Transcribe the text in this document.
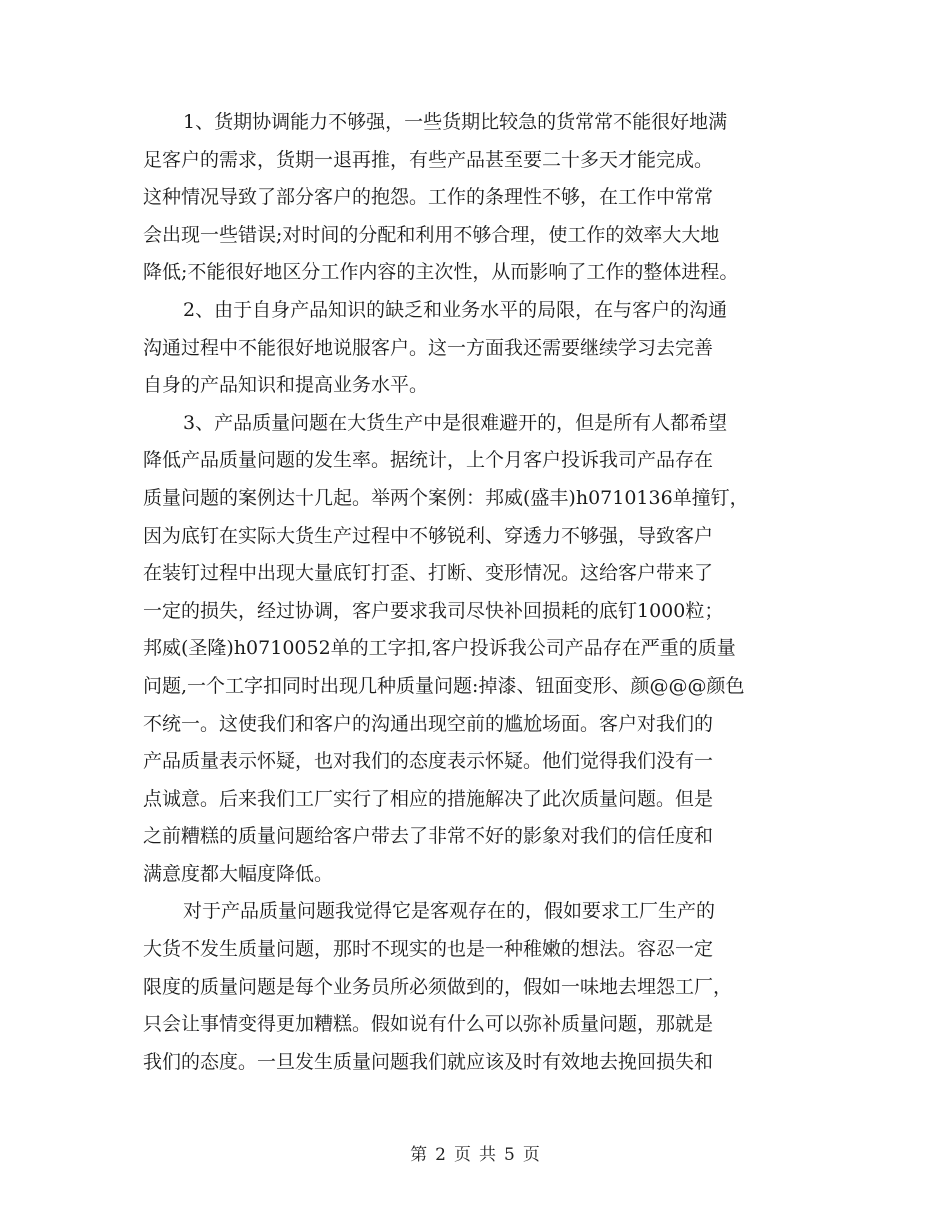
1、货期协调能力不够强，一些货期比较急的货常常不能很好地满
足客户的需求，货期一退再推，有些产品甚至要二十多天才能完成。
这种情况导致了部分客户的抱怨。工作的条理性不够，在工作中常常
会出现一些错误;对时间的分配和利用不够合理，使工作的效率大大地
降低;不能很好地区分工作内容的主次性，从而影响了工作的整体进程。
2、由于自身产品知识的缺乏和业务水平的局限，在与客户的沟通
沟通过程中不能很好地说服客户。这一方面我还需要继续学习去完善
自身的产品知识和提高业务水平。
3、产品质量问题在大货生产中是很难避开的，但是所有人都希望
降低产品质量问题的发生率。据统计，上个月客户投诉我司产品存在
质量问题的案例达十几起。举两个案例：邦威(盛丰)h0710136单撞钉，
因为底钉在实际大货生产过程中不够锐利、穿透力不够强，导致客户
在装钉过程中出现大量底钉打歪、打断、变形情况。这给客户带来了
一定的损失，经过协调，客户要求我司尽快补回损耗的底钉1000粒；
邦威(圣隆)h0710052单的工字扣,客户投诉我公司产品存在严重的质量
问题,一个工字扣同时出现几种质量问题:掉漆、钮面变形、颜@@@颜色
不统一。这使我们和客户的沟通出现空前的尴尬场面。客户对我们的
产品质量表示怀疑，也对我们的态度表示怀疑。他们觉得我们没有一
点诚意。后来我们工厂实行了相应的措施解决了此次质量问题。但是
之前糟糕的质量问题给客户带去了非常不好的影象对我们的信任度和
满意度都大幅度降低。
对于产品质量问题我觉得它是客观存在的，假如要求工厂生产的
大货不发生质量问题，那时不现实的也是一种稚嫩的想法。容忍一定
限度的质量问题是每个业务员所必须做到的，假如一味地去埋怨工厂，
只会让事情变得更加糟糕。假如说有什么可以弥补质量问题，那就是
我们的态度。一旦发生质量问题我们就应该及时有效地去挽回损失和
第 2 页 共 5 页
